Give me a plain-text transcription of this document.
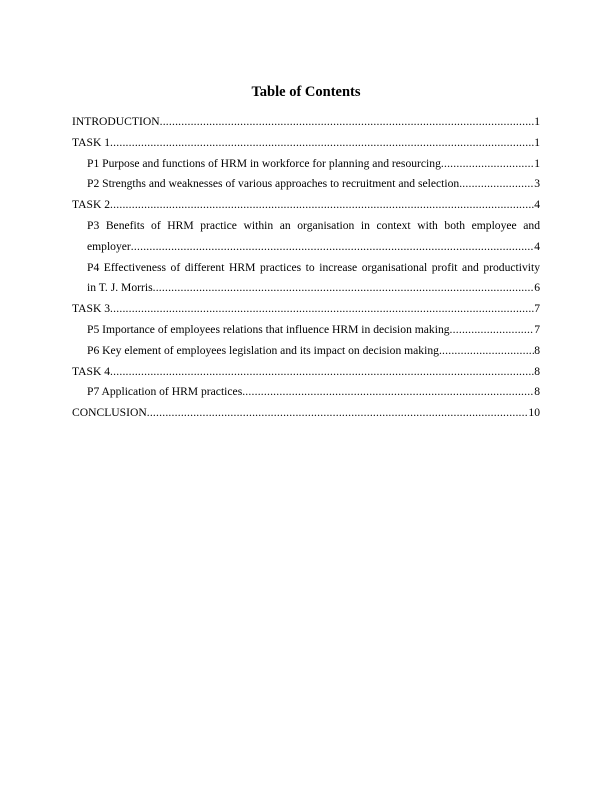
Table of Contents
INTRODUCTION .....	1
TASK 1 .....	1
P1 Purpose and functions of HRM in workforce for planning and resourcing .....	1
P2 Strengths and weaknesses of various approaches to recruitment and selection .....	3
TASK 2 .....	4
P3 Benefits of HRM practice within an organisation in context with both employee and
employer .....	4
P4 Effectiveness of different HRM practices to increase organisational profit and productivity
in T. J. Morris .....	6
TASK 3 .....	7
P5 Importance of employees relations that influence HRM in decision making .....	7
P6 Key element of employees legislation and its impact on decision making .....	8
TASK 4 .....	8
P7 Application of HRM practices .....	8
CONCLUSION .....	10
